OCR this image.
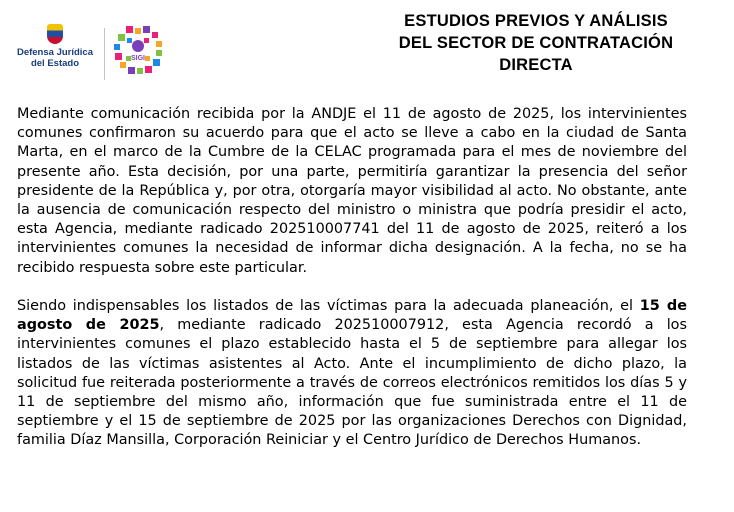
Defensa Jurídica
del Estado	SIGI
ESTUDIOS PREVIOS Y ANÁLISIS
DEL SECTOR DE CONTRATACIÓN
DIRECTA

Mediante comunicación recibida por la ANDJE el 11 de agosto de 2025, los intervinientes comunes confirmaron su acuerdo para que el acto se lleve a cabo en la ciudad de Santa Marta, en el marco de la Cumbre de la CELAC programada para el mes de noviembre del presente año. Esta decisión, por una parte, permitiría garantizar la presencia del señor presidente de la República y, por otra, otorgaría mayor visibilidad al acto. No obstante, ante la ausencia de comunicación respecto del ministro o ministra que podría presidir el acto, esta Agencia, mediante radicado 202510007741 del 11 de agosto de 2025, reiteró a los intervinientes comunes la necesidad de informar dicha designación. A la fecha, no se ha recibido respuesta sobre este particular.

Siendo indispensables los listados de las víctimas para la adecuada planeación, el 15 de agosto de 2025, mediante radicado 202510007912, esta Agencia recordó a los intervinientes comunes el plazo establecido hasta el 5 de septiembre para allegar los listados de las víctimas asistentes al Acto. Ante el incumplimiento de dicho plazo, la solicitud fue reiterada posteriormente a través de correos electrónicos remitidos los días 5 y 11 de septiembre del mismo año, información que fue suministrada entre el 11 de septiembre y el 15 de septiembre de 2025 por las organizaciones Derechos con Dignidad, familia Díaz Mansilla, Corporación Reiniciar y el Centro Jurídico de Derechos Humanos.
